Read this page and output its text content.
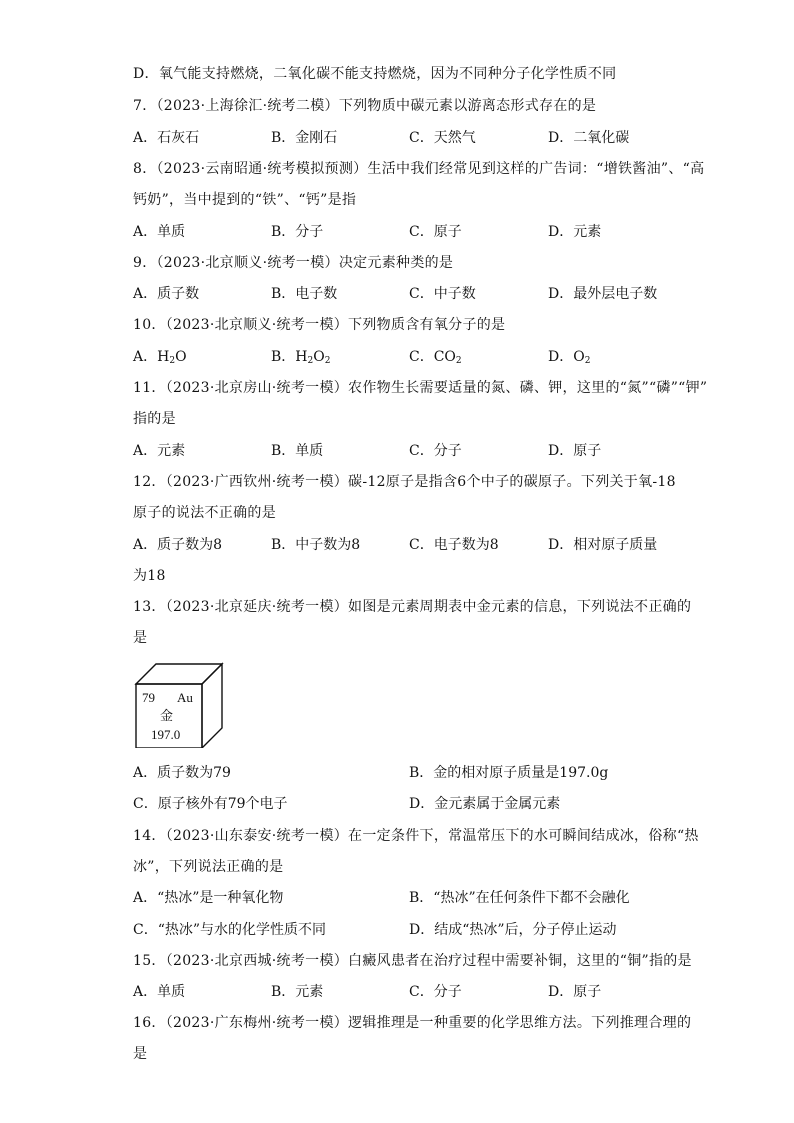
D．氧气能支持燃烧，二氧化碳不能支持燃烧，因为不同种分子化学性质不同
7．（2023·上海徐汇·统考二模）下列物质中碳元素以游离态形式存在的是
A．石灰石	B．金刚石	C．天然气	D．二氧化碳
8．（2023·云南昭通·统考模拟预测）生活中我们经常见到这样的广告词：“增铁酱油”、“高
钙奶”，当中提到的“铁”、“钙”是指
A．单质	B．分子	C．原子	D．元素
9．（2023·北京顺义·统考一模）决定元素种类的是
A．质子数	B．电子数	C．中子数	D．最外层电子数
10．（2023·北京顺义·统考一模）下列物质含有氧分子的是
A．$H_2O$	B．$H_2O_2$	C．$CO_2$	D．$O_2$
11．（2023·北京房山·统考一模）农作物生长需要适量的氮、磷、钾，这里的“氮”“磷”“钾”
指的是
A．元素	B．单质	C．分子	D．原子
12．（2023·广西钦州·统考一模）碳-12原子是指含6个中子的碳原子。下列关于氧-18
原子的说法不正确的是
A．质子数为8	B．中子数为8	C．电子数为8	D．相对原子质量
为18
13．（2023·北京延庆·统考一模）如图是元素周期表中金元素的信息，下列说法不正确的
是
79 Au
金
197.0
A．质子数为79	B．金的相对原子质量是197.0g
C．原子核外有79个电子	D．金元素属于金属元素
14．（2023·山东泰安·统考一模）在一定条件下，常温常压下的水可瞬间结成冰，俗称“热
冰”，下列说法正确的是
A．“热冰”是一种氧化物	B．“热冰”在任何条件下都不会融化
C．“热冰”与水的化学性质不同	D．结成“热冰”后，分子停止运动
15．（2023·北京西城·统考一模）白癜风患者在治疗过程中需要补铜，这里的“铜”指的是
A．单质	B．元素	C．分子	D．原子
16．（2023·广东梅州·统考一模）逻辑推理是一种重要的化学思维方法。下列推理合理的
是
